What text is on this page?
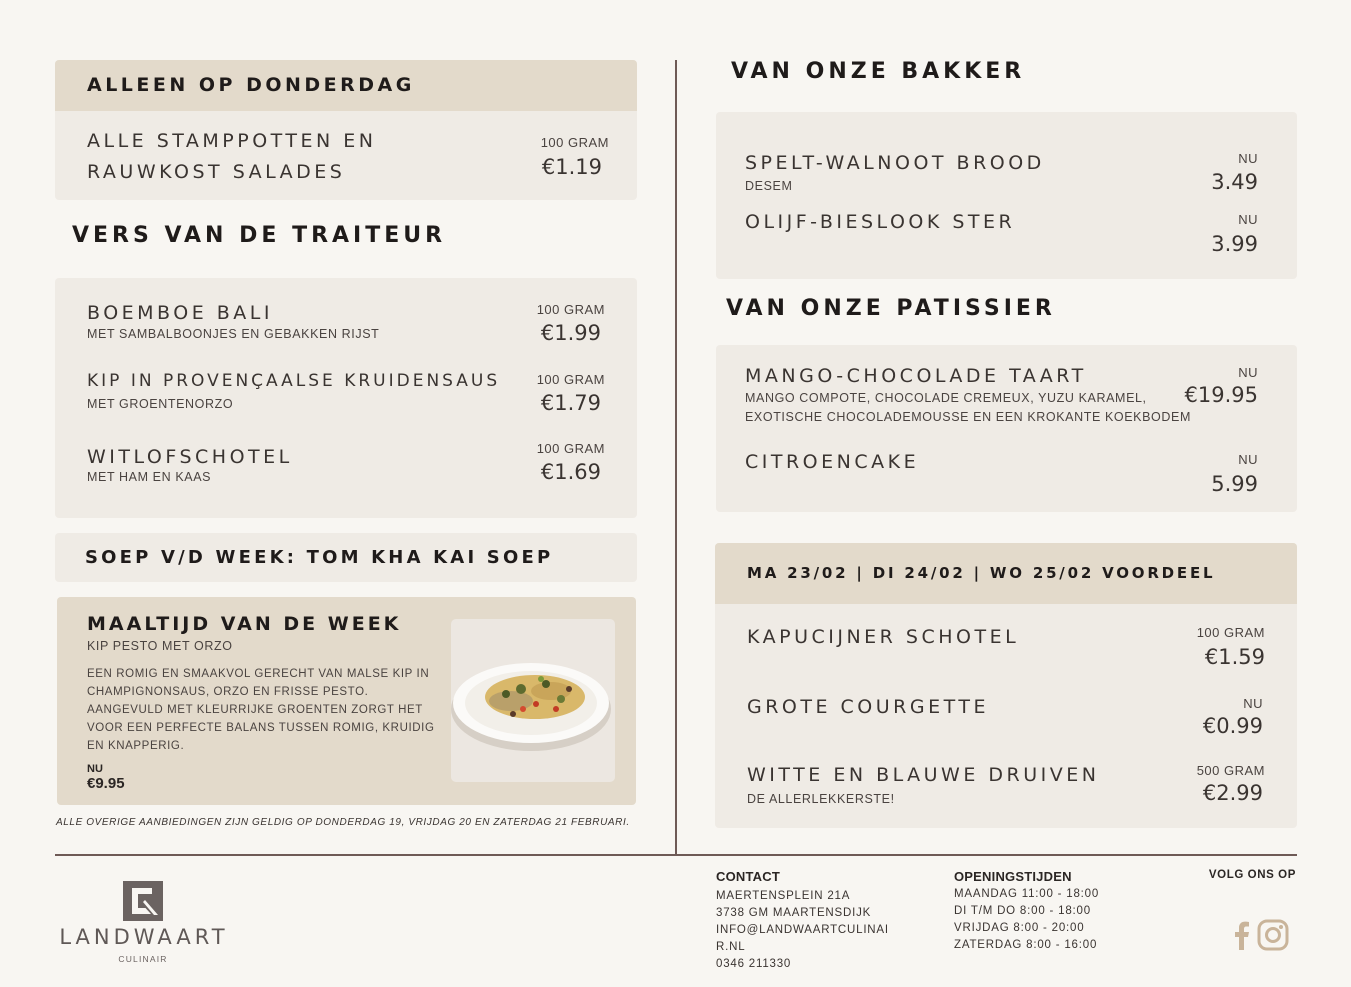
ALLEEN OP DONDERDAG
ALLE STAMPPOTTEN EN
RAUWKOST SALADES
100 GRAM
€1.19
VERS VAN DE TRAITEUR
BOEMBOE BALI
MET SAMBALBOONJES EN GEBAKKEN RIJST
100 GRAM
€1.99
KIP IN PROVENÇAALSE KRUIDENSAUS
MET GROENTENORZO
100 GRAM
€1.79
WITLOFSCHOTEL
MET HAM EN KAAS
100 GRAM
€1.69
SOEP V/D WEEK: TOM KHA KAI SOEP
MAALTIJD VAN DE WEEK
KIP PESTO MET ORZO
EEN ROMIG EN SMAAKVOL GERECHT VAN MALSE KIP IN
CHAMPIGNONSAUS, ORZO EN FRISSE PESTO.
AANGEVULD MET KLEURRIJKE GROENTEN ZORGT HET
VOOR EEN PERFECTE BALANS TUSSEN ROMIG, KRUIDIG
EN KNAPPERIG.
NU
€9.95
ALLE OVERIGE AANBIEDINGEN ZIJN GELDIG OP DONDERDAG 19, VRIJDAG 20 EN ZATERDAG 21 FEBRUARI.
VAN ONZE BAKKER
SPELT-WALNOOT BROOD
DESEM
NU
3.49
OLIJF-BIESLOOK STER	NU
3.99
VAN ONZE PATISSIER
MANGO-CHOCOLADE TAART
MANGO COMPOTE, CHOCOLADE CREMEUX, YUZU KARAMEL,
EXOTISCHE CHOCOLADEMOUSSE EN EEN KROKANTE KOEKBODEM
NU
€19.95
CITROENCAKE	NU
5.99
MA 23/02 | DI 24/02 | WO 25/02 VOORDEEL
KAPUCIJNER SCHOTEL	100 GRAM
€1.59
GROTE COURGETTE	NU
€0.99
WITTE EN BLAUWE DRUIVEN
DE ALLERLEKKERSTE!
500 GRAM
€2.99
LANDWAART
CULINAIR
CONTACT
MAERTENSPLEIN 21A
3738 GM MAARTENSDIJK
INFO@LANDWAARTCULINAI
R.NL
0346 211330
OPENINGSTIJDEN
MAANDAG 11:00 - 18:00
DI T/M DO 8:00 - 18:00
VRIJDAG 8:00 - 20:00
ZATERDAG 8:00 - 16:00
VOLG ONS OP
